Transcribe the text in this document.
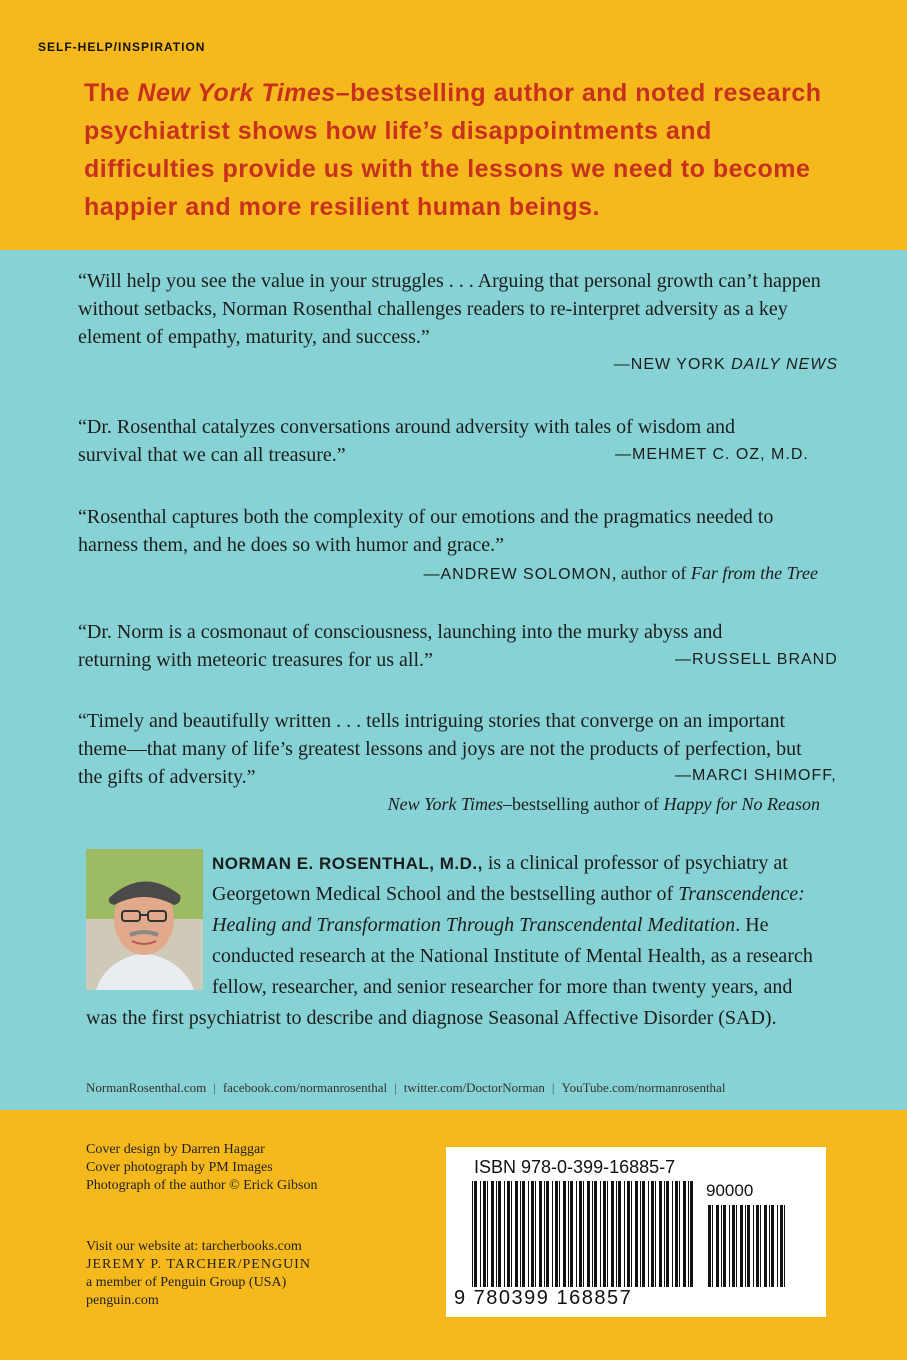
SELF-HELP/INSPIRATION
The New York Times–bestselling author and noted research psychiatrist shows how life’s disappointments and difficulties provide us with the lessons we need to become happier and more resilient human beings.
“Will help you see the value in your struggles . . . Arguing that personal growth can’t happen without setbacks, Norman Rosenthal challenges readers to re-interpret adversity as a key element of empathy, maturity, and success.”
—NEW YORK DAILY NEWS
“Dr. Rosenthal catalyzes conversations around adversity with tales of wisdom and survival that we can all treasure.”	—MEHMET C. OZ, M.D.
“Rosenthal captures both the complexity of our emotions and the pragmatics needed to harness them, and he does so with humor and grace.”
—ANDREW SOLOMON, author of Far from the Tree
“Dr. Norm is a cosmonaut of consciousness, launching into the murky abyss and returning with meteoric treasures for us all.”	—RUSSELL BRAND
“Timely and beautifully written . . . tells intriguing stories that converge on an important theme—that many of life’s greatest lessons and joys are not the products of perfection, but the gifts of adversity.”	—MARCI SHIMOFF,
New York Times–bestselling author of Happy for No Reason
NORMAN E. ROSENTHAL, M.D., is a clinical professor of psychiatry at Georgetown Medical School and the bestselling author of Transcendence: Healing and Transformation Through Transcendental Meditation. He conducted research at the National Institute of Mental Health, as a research fellow, researcher, and senior researcher for more than twenty years, and was the first psychiatrist to describe and diagnose Seasonal Affective Disorder (SAD).
NormanRosenthal.com | facebook.com/normanrosenthal | twitter.com/DoctorNorman | YouTube.com/normanrosenthal
Cover design by Darren Haggar
Cover photograph by PM Images
Photograph of the author © Erick Gibson
Visit our website at: tarcherbooks.com
JEREMY P. TARCHER/PENGUIN
a member of Penguin Group (USA)
penguin.com
ISBN 978-0-399-16885-7
90000
9 780399 168857
